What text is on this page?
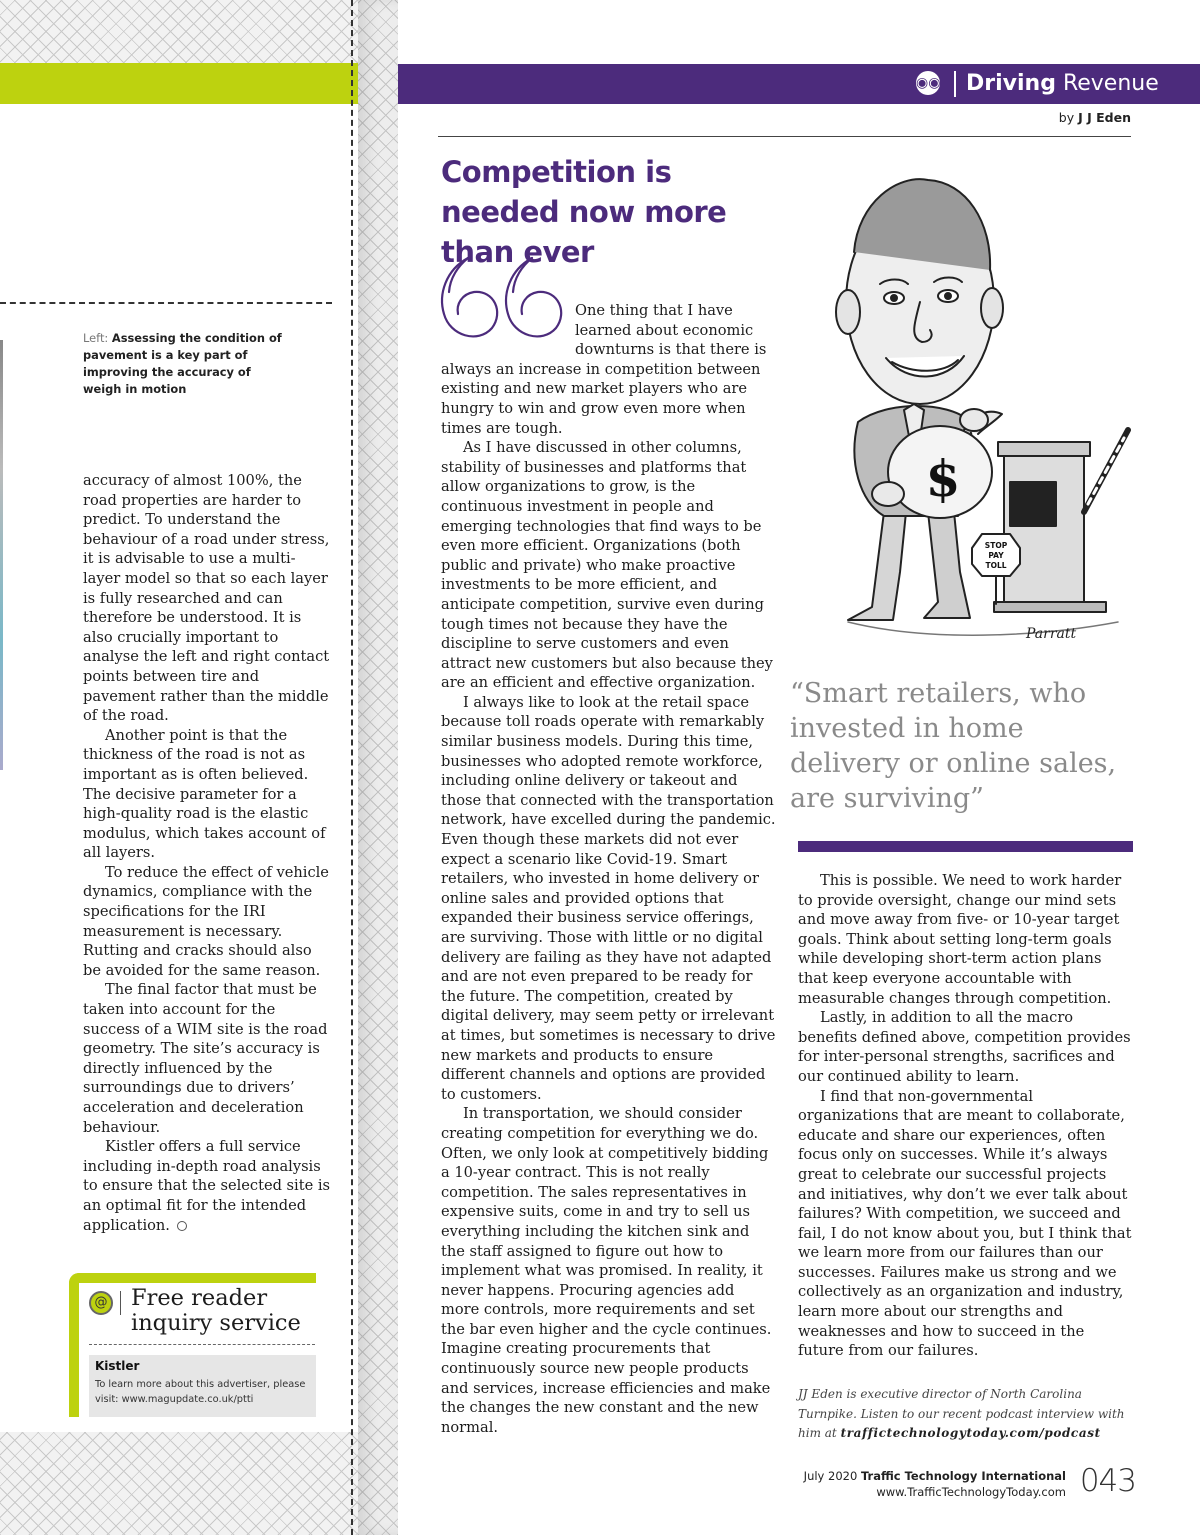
Left: Assessing the condition of pavement is a key part of improving the accuracy of weigh in motion

accuracy of almost 100%, the road properties are harder to predict. To understand the behaviour of a road under stress, it is advisable to use a multi-layer model so that so each layer is fully researched and can therefore be understood. It is also crucially important to analyse the left and right contact points between tire and pavement rather than the middle of the road.

Another point is that the thickness of the road is not as important as is often believed. The decisive parameter for a high-quality road is the elastic modulus, which takes account of all layers.

To reduce the effect of vehicle dynamics, compliance with the specifications for the IRI measurement is necessary. Rutting and cracks should also be avoided for the same reason.

The final factor that must be taken into account for the success of a WIM site is the road geometry. The site’s accuracy is directly influenced by the surroundings due to drivers’ acceleration and deceleration behaviour.

Kistler offers a full service including in-depth road analysis to ensure that the selected site is an optimal fit for the intended application.

@ Free reader inquiry service
Kistler
To learn more about this advertiser, please visit: www.magupdate.co.uk/ptti
◉◉ Driving Revenue
by J J Eden
Competition is needed now more than ever

One thing that I have learned about economic downturns is that there is always an increase in competition between existing and new market players who are hungry to win and grow even more when times are tough.

As I have discussed in other columns, stability of businesses and platforms that allow organizations to grow, is the continuous investment in people and emerging technologies that find ways to be even more efficient. Organizations (both public and private) who make proactive investments to be more efficient, and anticipate competition, survive even during tough times not because they have the discipline to serve customers and even attract new customers but also because they are an efficient and effective organization.

I always like to look at the retail space because toll roads operate with remarkably similar business models. During this time, businesses who adopted remote workforce, including online delivery or takeout and those that connected with the transportation network, have excelled during the pandemic. Even though these markets did not ever expect a scenario like Covid-19. Smart retailers, who invested in home delivery or online sales and provided options that expanded their business service offerings, are surviving. Those with little or no digital delivery are failing as they have not adapted and are not even prepared to be ready for the future. The competition, created by digital delivery, may seem petty or irrelevant at times, but sometimes is necessary to drive new markets and products to ensure different channels and options are provided to customers.

In transportation, we should consider creating competition for everything we do. Often, we only look at competitively bidding a 10-year contract. This is not really competition. The sales representatives in expensive suits, come in and try to sell us everything including the kitchen sink and the staff assigned to figure out how to implement what was promised. In reality, it never happens. Procuring agencies add more controls, more requirements and set the bar even higher and the cycle continues. Imagine creating procurements that continuously source new people products and services, increase efficiencies and make the changes the new constant and the new normal.

$
STOP
PAY
TOLL
Parratt
“Smart retailers, who invested in home delivery or online sales, are surviving”

This is possible. We need to work harder to provide oversight, change our mind sets and move away from five- or 10-year target goals. Think about setting long-term goals while developing short-term action plans that keep everyone accountable with measurable changes through competition.

Lastly, in addition to all the macro benefits defined above, competition provides for inter-personal strengths, sacrifices and our continued ability to learn.

I find that non-governmental organizations that are meant to collaborate, educate and share our experiences, often focus only on successes. While it’s always great to celebrate our successful projects and initiatives, why don’t we ever talk about failures? With competition, we succeed and fail, I do not know about you, but I think that we learn more from our failures than our successes. Failures make us strong and we collectively as an organization and industry, learn more about our strengths and weaknesses and how to succeed in the future from our failures.

JJ Eden is executive director of North Carolina Turnpike. Listen to our recent podcast interview with him at traffictechnologytoday.com/podcast

July 2020 Traffic Technology International
www.TrafficTechnologyToday.com 043
